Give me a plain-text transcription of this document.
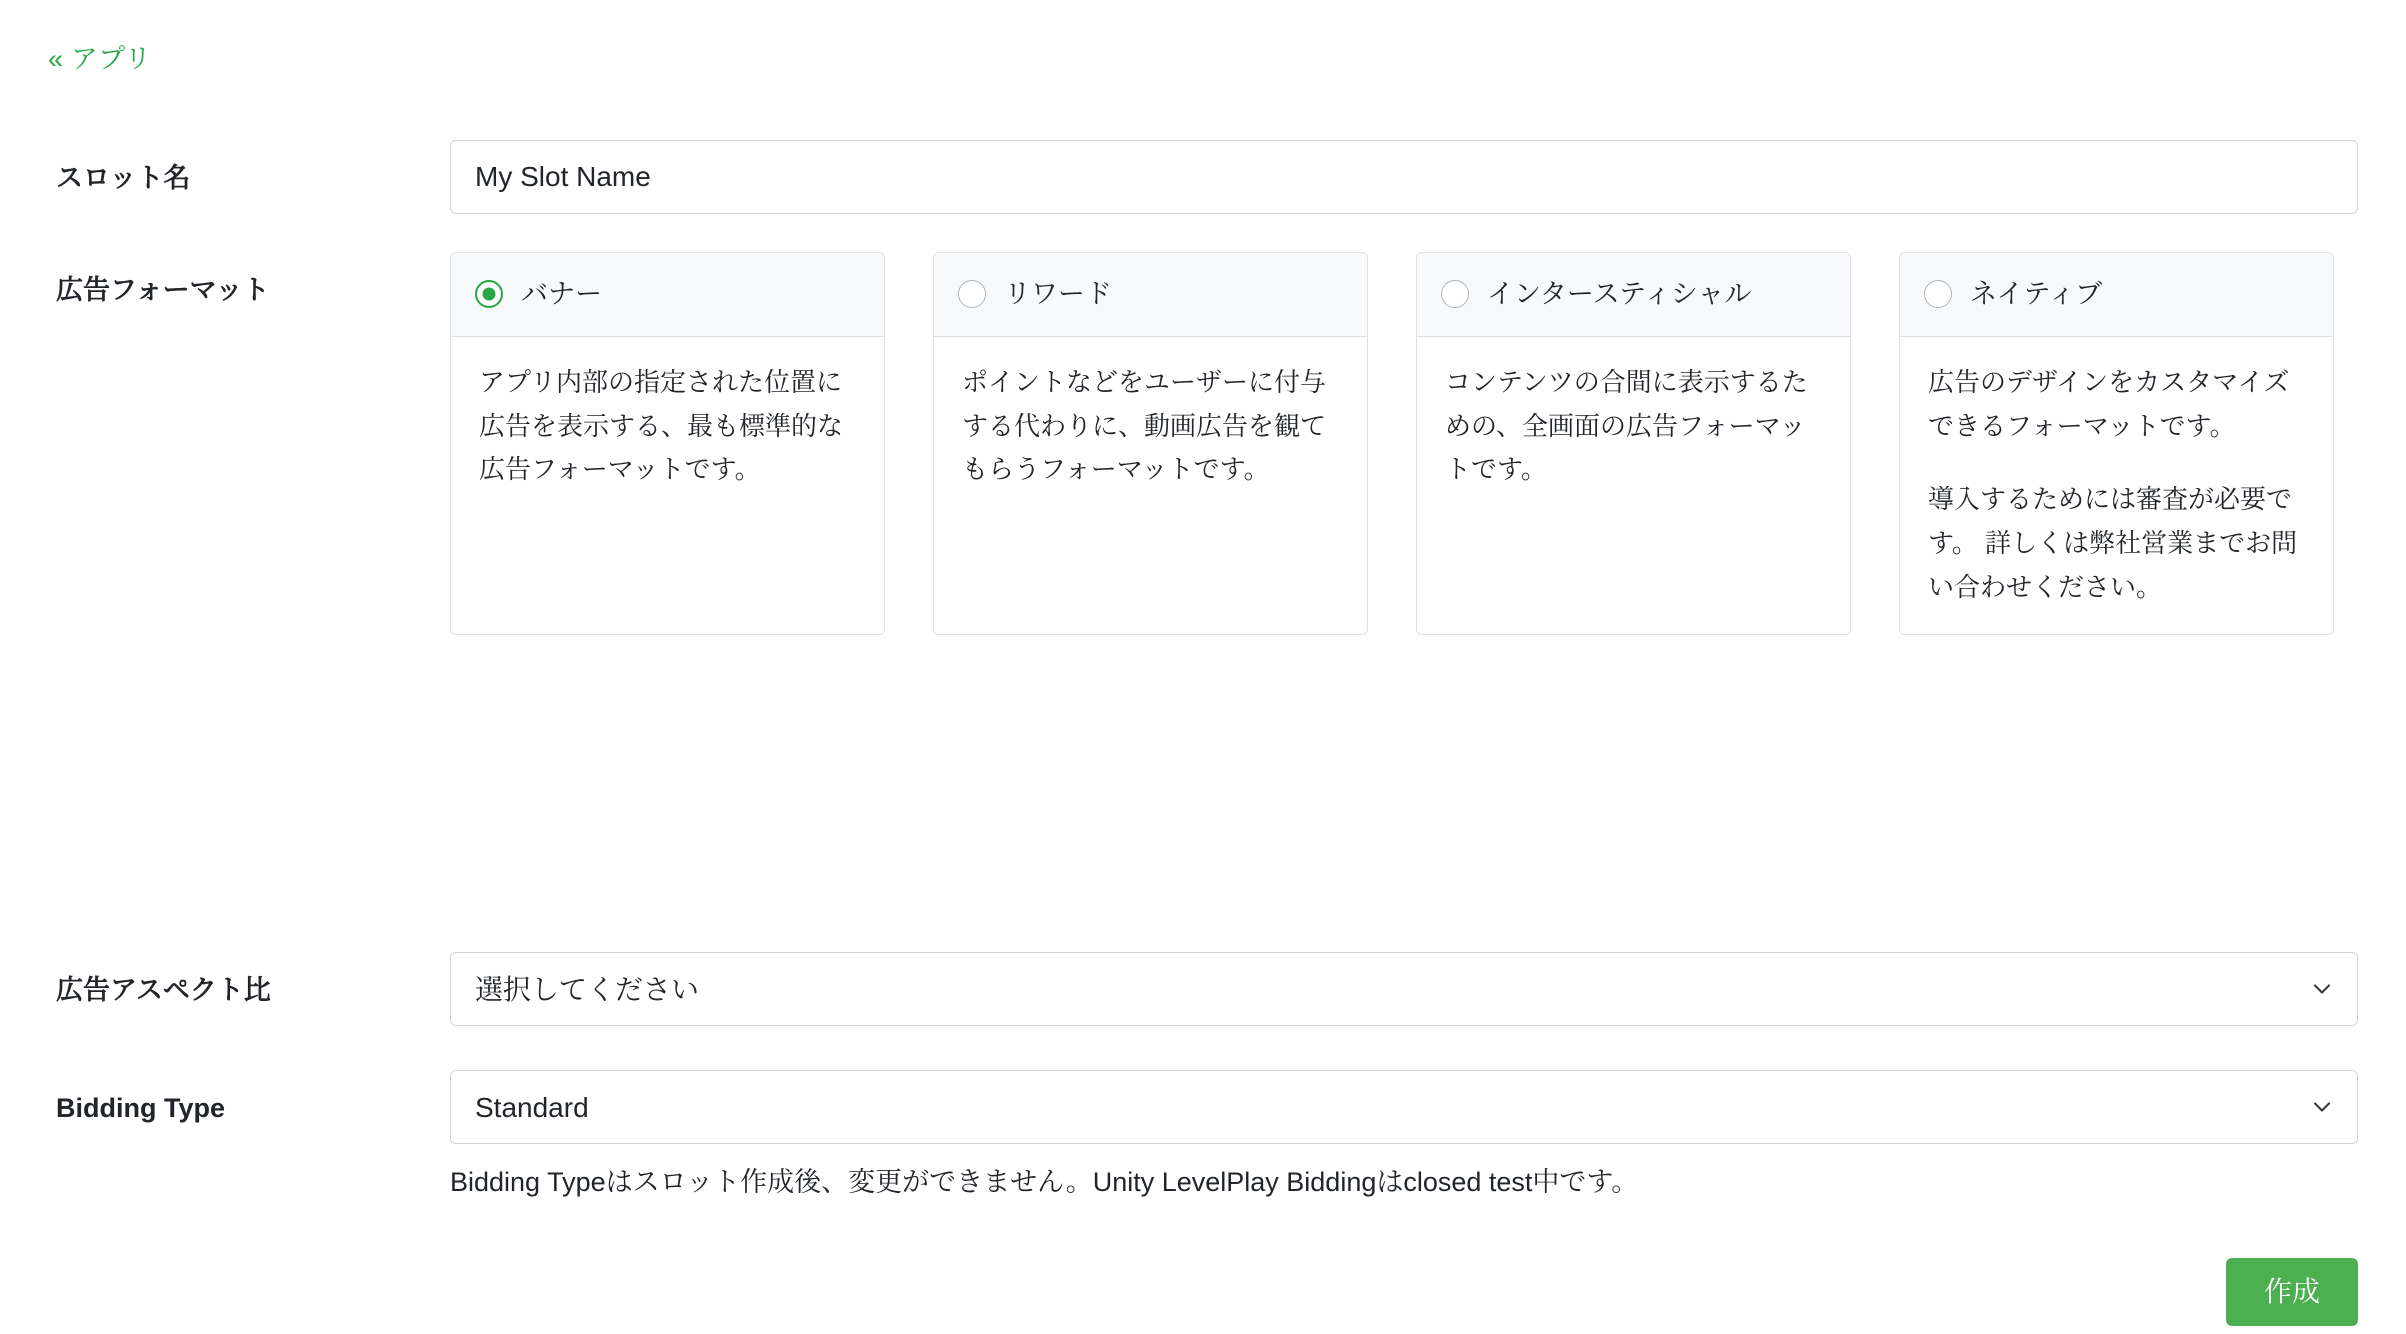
« アプリ
スロット名
My Slot Name
広告フォーマット	バナー

アプリ内部の指定された位置に広告を表示する、最も標準的な広告フォーマットです。

リワード

ポイントなどをユーザーに付与する代わりに、動画広告を観てもらうフォーマットです。

インタースティシャル

コンテンツの合間に表示するための、全画面の広告フォーマットです。

ネイティブ

広告のデザインをカスタマイズできるフォーマットです。

導入するためには審査が必要です。 詳しくは弊社営業までお問い合わせください。

広告アスペクト比
選択してください
Bidding Type
Standard
Bidding Typeはスロット作成後、変更ができません。Unity LevelPlay Biddingはclosed test中です。
作成
